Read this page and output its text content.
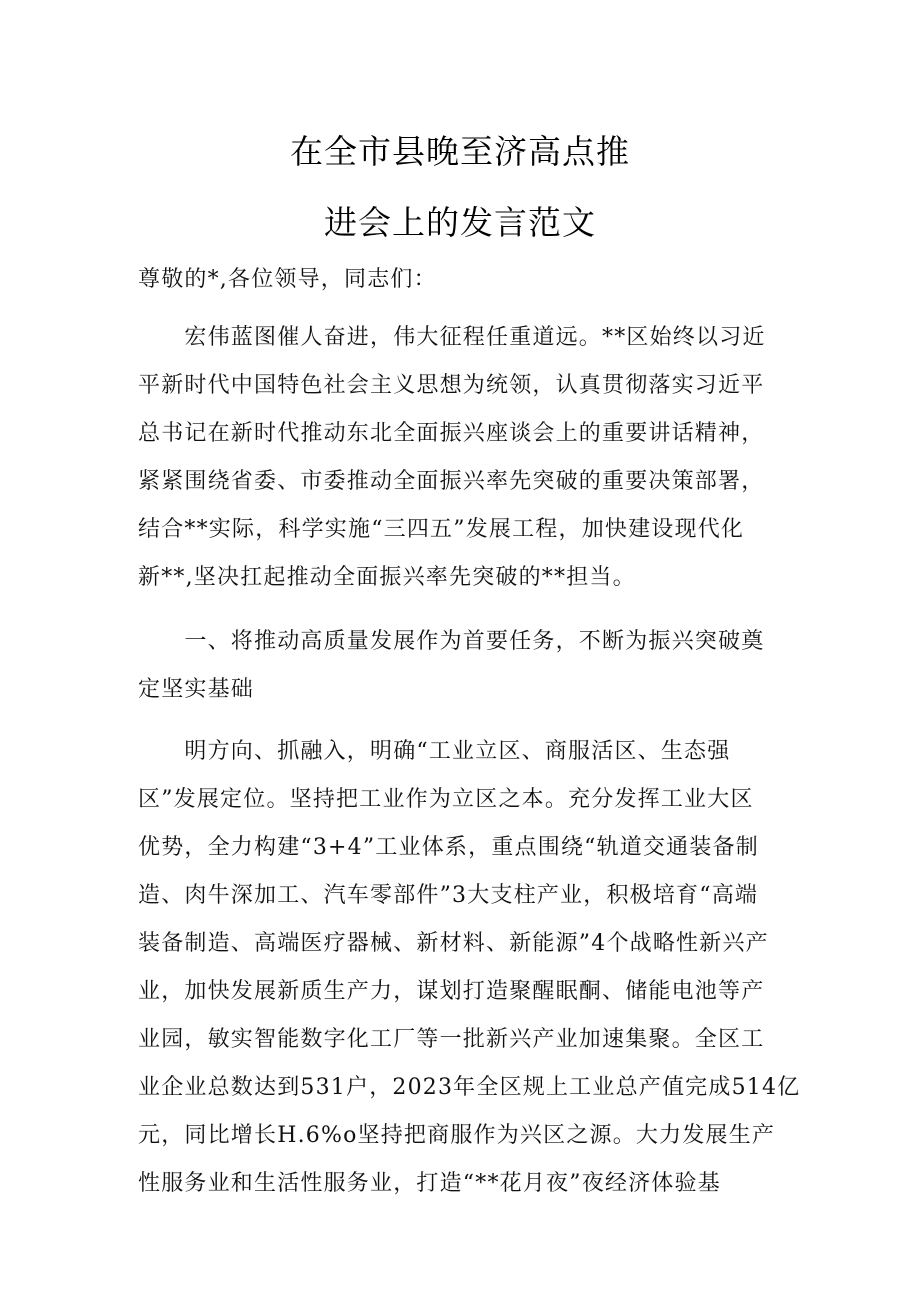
在全市县晚至济高点推
进会上的发言范文
尊敬的*,各位领导，同志们：
　　宏伟蓝图催人奋进，伟大征程任重道远。**区始终以习近
平新时代中国特色社会主义思想为统领，认真贯彻落实习近平
总书记在新时代推动东北全面振兴座谈会上的重要讲话精神，
紧紧围绕省委、市委推动全面振兴率先突破的重要决策部署，
结合**实际，科学实施“三四五”发展工程，加快建设现代化
新**,坚决扛起推动全面振兴率先突破的**担当。
　　一、将推动高质量发展作为首要任务，不断为振兴突破奠
定坚实基础
　　明方向、抓融入，明确“工业立区、商服活区、生态强
区”发展定位。坚持把工业作为立区之本。充分发挥工业大区
优势，全力构建“3+4”工业体系，重点围绕“轨道交通装备制
造、肉牛深加工、汽车零部件”3大支柱产业，积极培育“高端
装备制造、高端医疗器械、新材料、新能源”4个战略性新兴产
业，加快发展新质生产力，谋划打造聚醒眠酮、储能电池等产
业园，敏实智能数字化工厂等一批新兴产业加速集聚。全区工
业企业总数达到531户，2023年全区规上工业总产值完成514亿
元，同比增长H.6%o坚持把商服作为兴区之源。大力发展生产
性服务业和生活性服务业，打造“**花月夜”夜经济体验基
